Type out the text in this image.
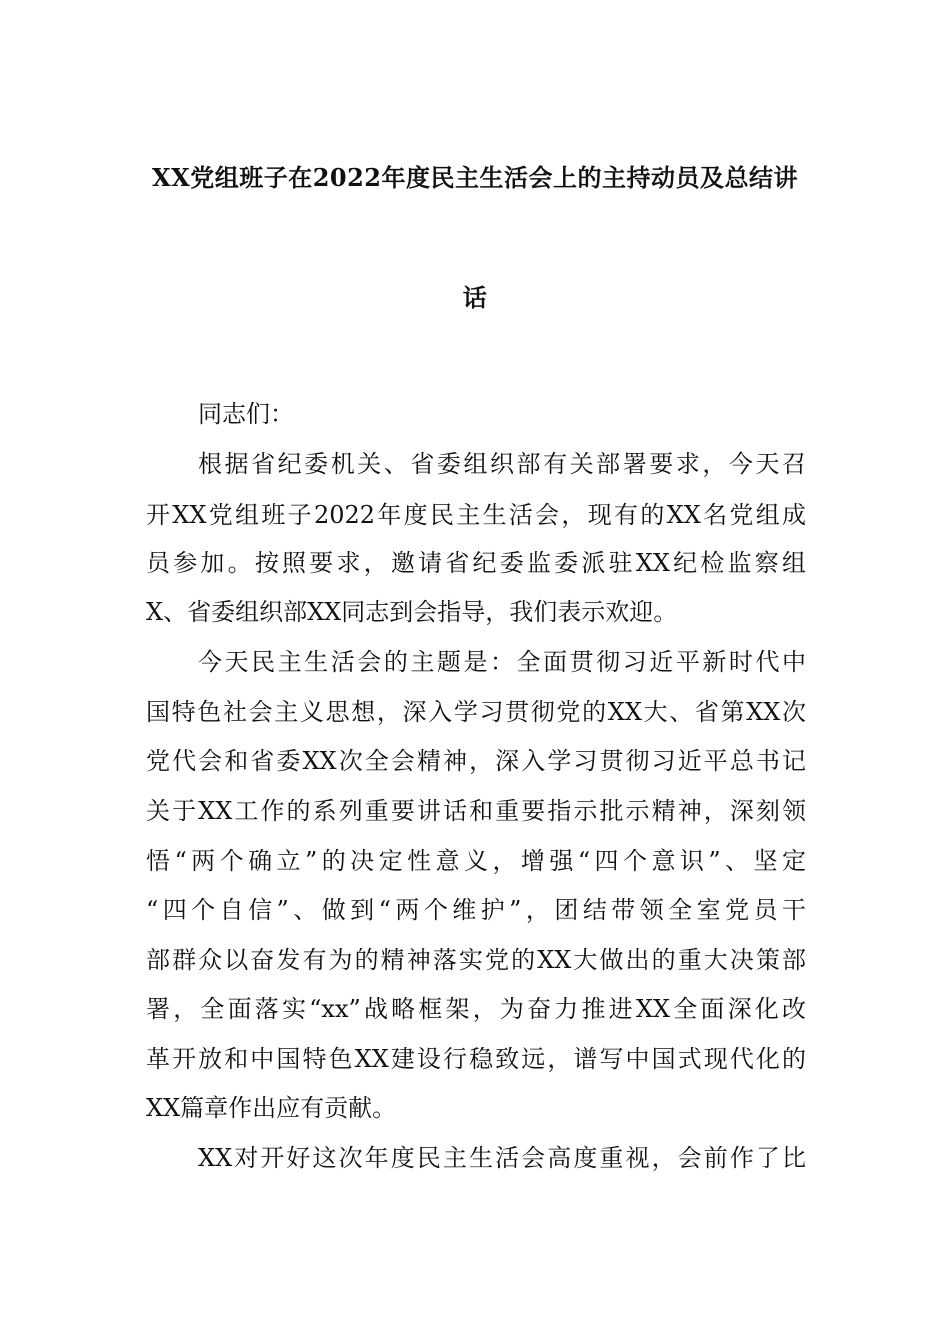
XX党组班子在2022年度民主生活会上的主持动员及总结讲
话
同志们：
根据省纪委机关、省委组织部有关部署要求，今天召
开XX党组班子2022年度民主生活会，现有的XX名党组成
员参加。按照要求，邀请省纪委监委派驻XX纪检监察组
X、省委组织部XX同志到会指导，我们表示欢迎。
今天民主生活会的主题是：全面贯彻习近平新时代中
国特色社会主义思想，深入学习贯彻党的XX大、省第XX次
党代会和省委XX次全会精神，深入学习贯彻习近平总书记
关于XX工作的系列重要讲话和重要指示批示精神，深刻领
悟“两个确立”的决定性意义，增强“四个意识”、坚定
“四个自信”、做到“两个维护”，团结带领全室党员干
部群众以奋发有为的精神落实党的XX大做出的重大决策部
署，全面落实“xx”战略框架，为奋力推进XX全面深化改
革开放和中国特色XX建设行稳致远，谱写中国式现代化的
XX篇章作出应有贡献。
XX对开好这次年度民主生活会高度重视，会前作了比
